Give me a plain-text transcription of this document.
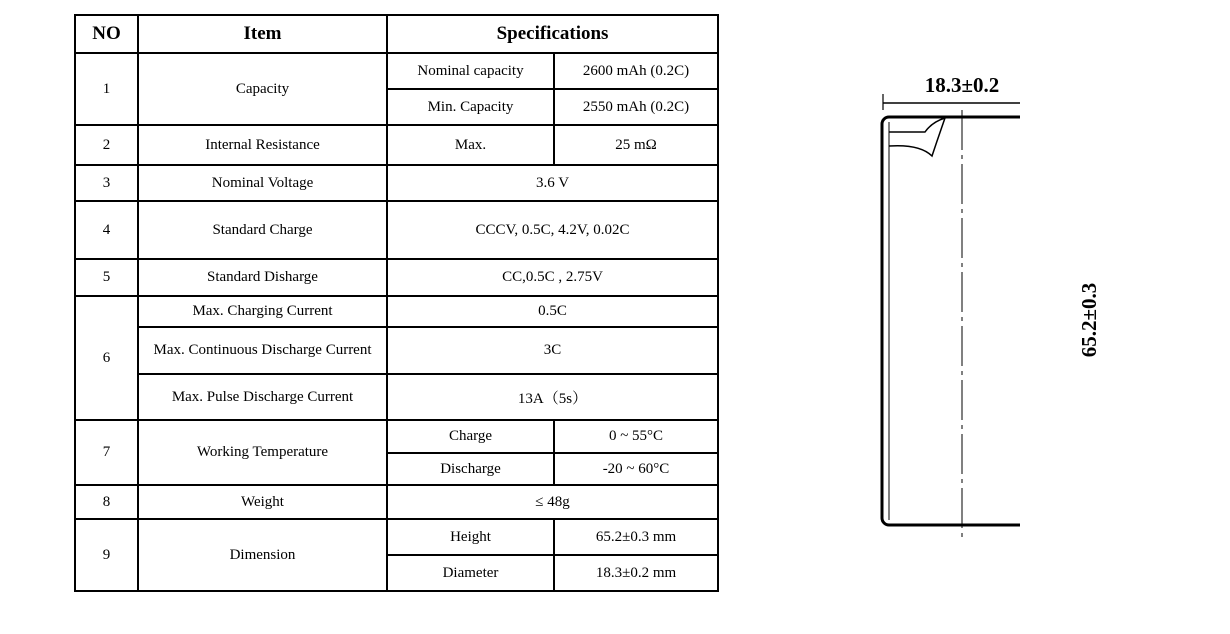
NO	Item	Specifications	
1	Capacity	Nominal capacity	2600 mAh (0.2C)
		Min. Capacity	2550 mAh (0.2C)
2	Internal Resistance	Max.	25 mΩ
3	Nominal Voltage	3.6 V	
4	Standard Charge	CCCV, 0.5C, 4.2V, 0.02C	
5	Standard Disharge	CC,0.5C , 2.75V	
6	Max. Charging Current	0.5C	
	Max. Continuous Discharge Current	3C	
	Max. Pulse Discharge Current	13A（5s）	
7	Working Temperature	Charge	0 ~ 55°C
		Discharge	-20 ~ 60°C
8	Weight	≤ 48g	
9	Dimension	Height	65.2±0.3 mm
		Diameter	18.3±0.2 mm
18.3±0.2
65.2±0.3
